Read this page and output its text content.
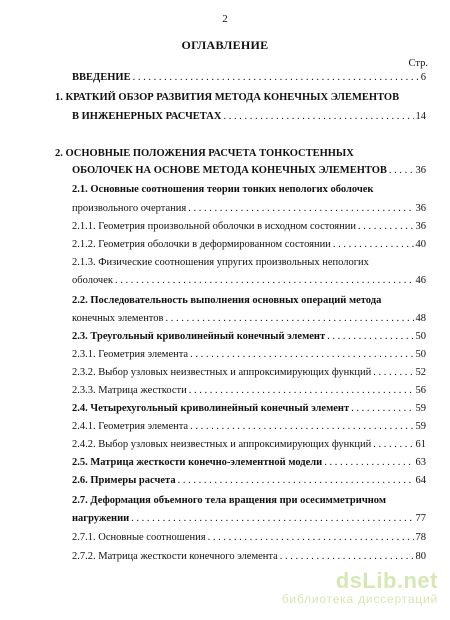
2
ОГЛАВЛЕНИЕ
Стр.
ВВЕДЕНИЕ . . .	6
1. КРАТКИЙ ОБЗОР РАЗВИТИЯ МЕТОДА КОНЕЧНЫХ ЭЛЕМЕНТОВ
В ИНЖЕНЕРНЫХ РАСЧЕТАХ . . .	14
2. ОСНОВНЫЕ ПОЛОЖЕНИЯ РАСЧЕТА ТОНКОСТЕННЫХ
ОБОЛОЧЕК НА ОСНОВЕ МЕТОДА КОНЕЧНЫХ ЭЛЕМЕНТОВ . . .	36
2.1. Основные соотношения теории тонких непологих оболочек
произвольного очертания . . .	36
2.1.1. Геометрия произвольной оболочки в исходном состоянии . . .	36
2.1.2. Геометрия оболочки в деформированном состоянии . . .	40
2.1.3. Физические соотношения упругих произвольных непологих
оболочек . . .	46
2.2. Последовательность выполнения основных операций метода
конечных элементов . . .	48
2.3. Треугольный криволинейный конечный элемент . . .	50
2.3.1. Геометрия элемента . . .	50
2.3.2. Выбор узловых неизвестных и аппроксимирующих функций . . .	52
2.3.3. Матрица жесткости . . .	56
2.4. Четырехугольный криволинейный конечный элемент . . .	59
2.4.1. Геометрия элемента . . .	59
2.4.2. Выбор узловых неизвестных и аппроксимирующих функций . . .	61
2.5. Матрица жесткости конечно-элементной модели . . .	63
2.6. Примеры расчета . . .	64
2.7. Деформация объемного тела вращения при осесимметричном
нагружении . . .	77
2.7.1. Основные соотношения . . .	78
2.7.2. Матрица жесткости конечного элемента . . .	80
dsLib.net
библиотека диссертаций
